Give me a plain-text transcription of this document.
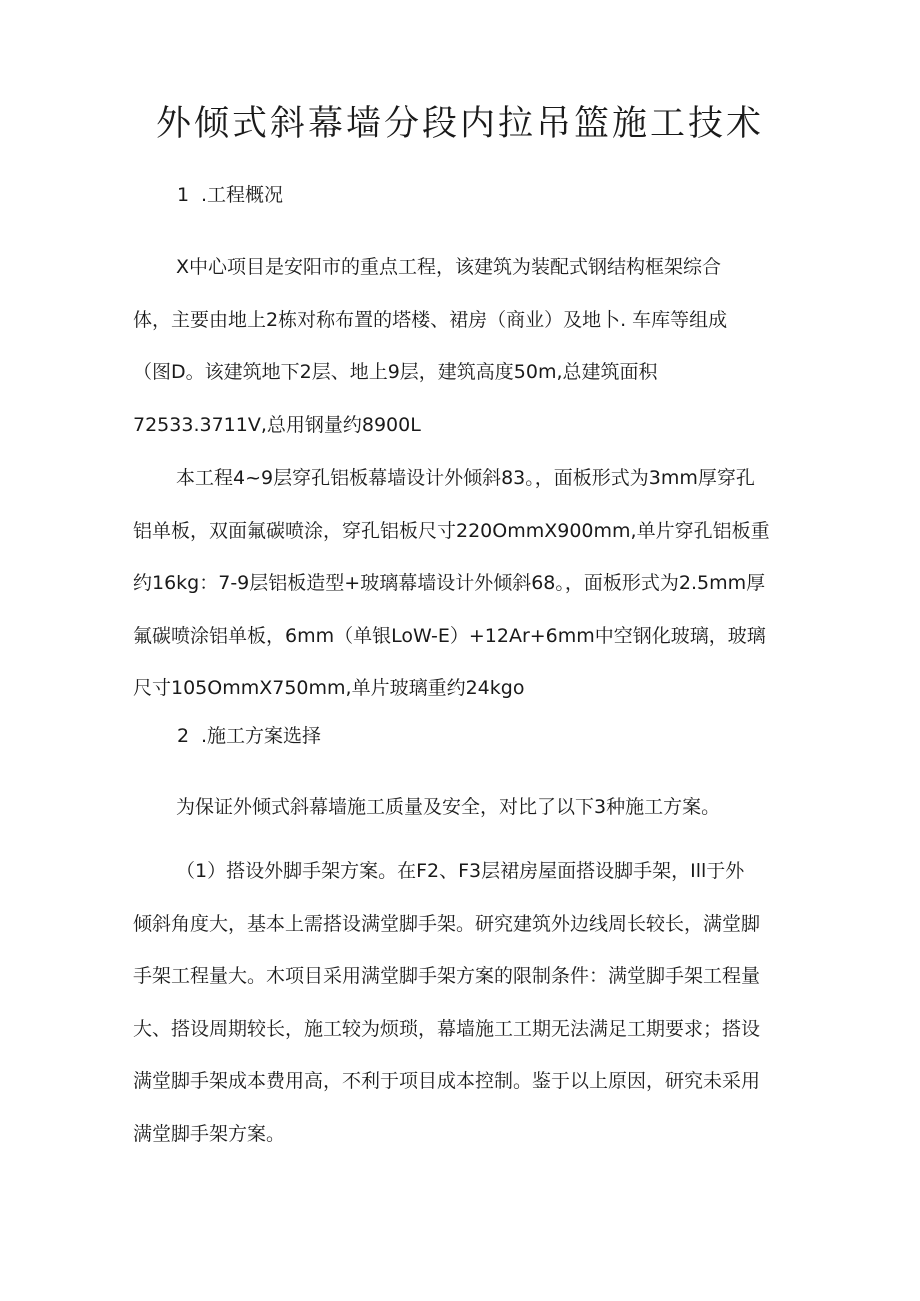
外倾式斜幕墙分段内拉吊篮施工技术
1 .工程概况
X中心项目是安阳市的重点工程，该建筑为装配式钢结构框架综合
体，主要由地上2栋对称布置的塔楼、裙房（商业）及地卜. 车库等组成
（图D。该建筑地下2层、地上9层，建筑高度50m,总建筑面积
72533.3711V,总用钢量约8900L
本工程4~9层穿孔铝板幕墙设计外倾斜83。，面板形式为3mm厚穿孔
铝单板，双面氟碳喷涂，穿孔铝板尺寸220OmmX900mm,单片穿孔铝板重
约16kg：7-9层铝板造型+玻璃幕墙设计外倾斜68。，面板形式为2.5mm厚
氟碳喷涂铝单板，6mm（单银LoW-E）+12Ar+6mm中空钢化玻璃，玻璃
尺寸105OmmX750mm,单片玻璃重约24kgo
2 .施工方案选择
为保证外倾式斜幕墙施工质量及安全，对比了以下3种施工方案。
（1）搭设外脚手架方案。在F2、F3层裙房屋面搭设脚手架，Ill于外
倾斜角度大，基本上需搭设满堂脚手架。研究建筑外边线周长较长，满堂脚
手架工程量大。木项目采用满堂脚手架方案的限制条件：满堂脚手架工程量
大、搭设周期较长，施工较为烦琐，幕墙施工工期无法满足工期要求；搭设
满堂脚手架成本费用高，不利于项目成本控制。鉴于以上原因，研究未采用
满堂脚手架方案。
